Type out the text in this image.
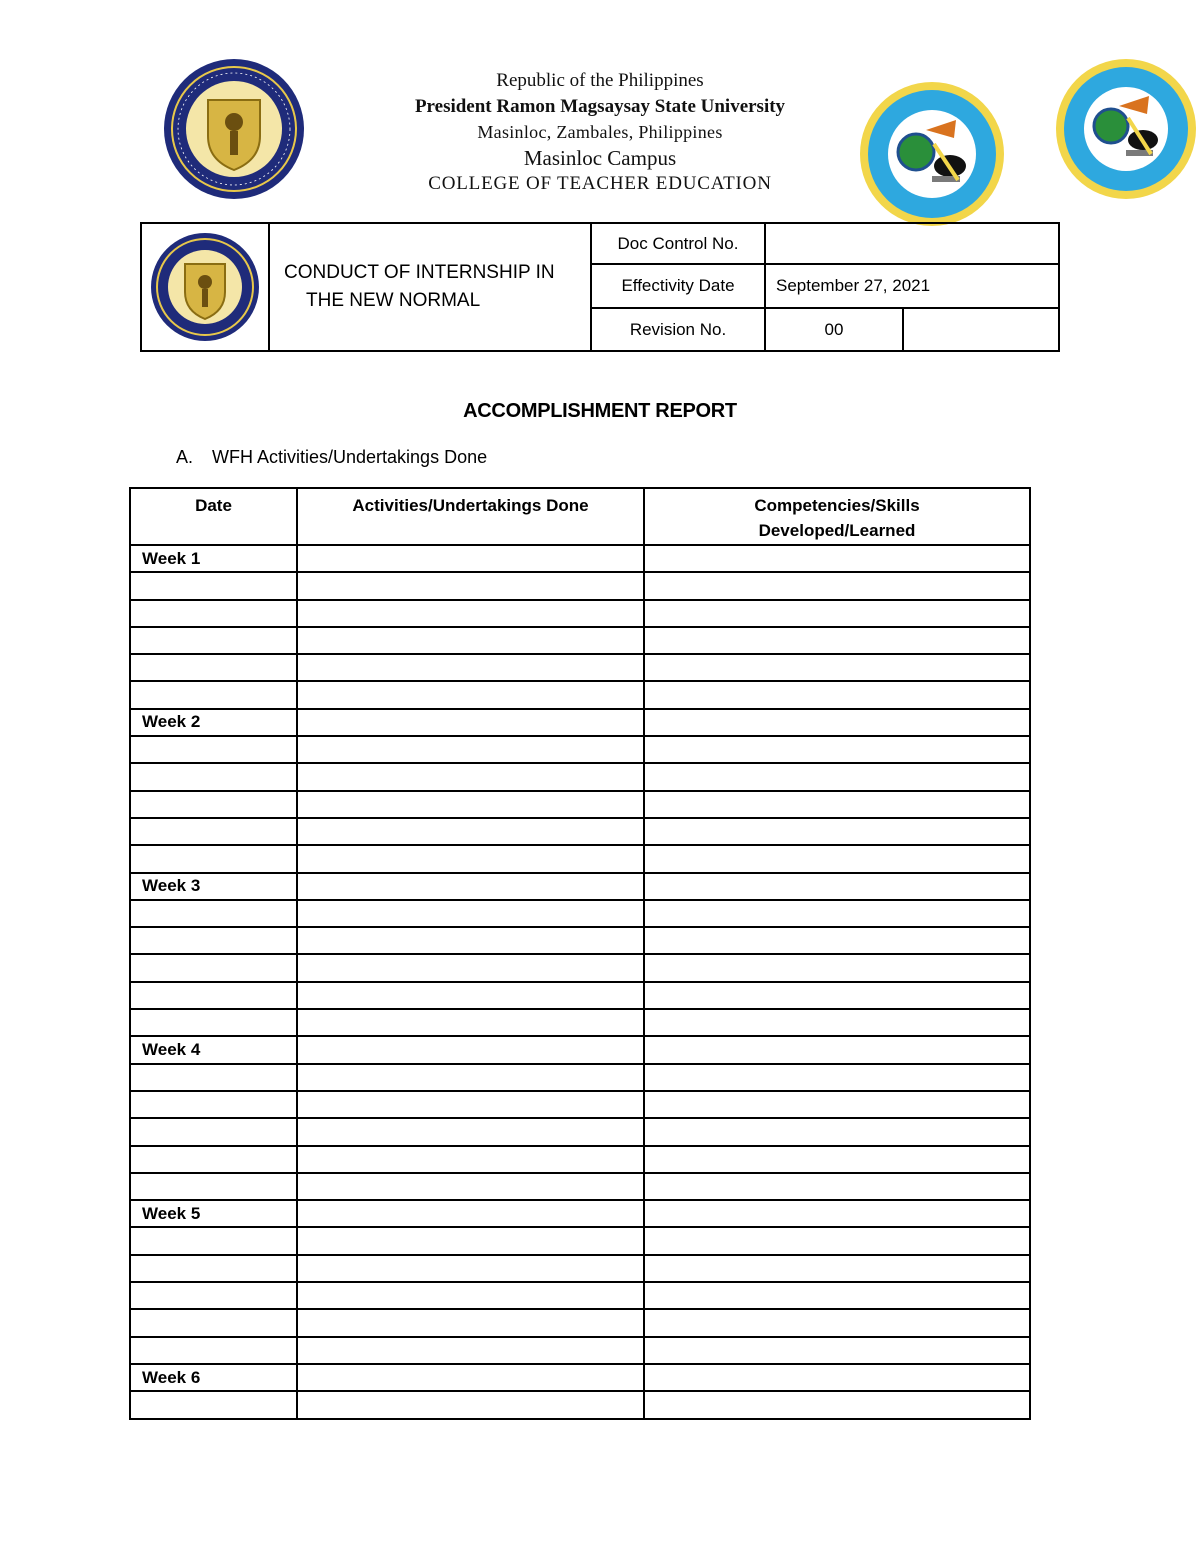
Republic of the Philippines
President Ramon Magsaysay State University
Masinloc, Zambales, Philippines
Masinloc Campus
COLLEGE OF TEACHER EDUCATION

CONDUCT OF INTERNSHIP IN
THE NEW NORMAL	Doc Control No.		
		Effectivity Date	September 27, 2021	
		Revision No.	00	
ACCOMPLISHMENT REPORT
A. WFH Activities/Undertakings Done
Date	Activities/Undertakings Done	Competencies/Skills
Developed/Learned
Week 1		

Week 2		

Week 3		

Week 4		

Week 5		

Week 6		
